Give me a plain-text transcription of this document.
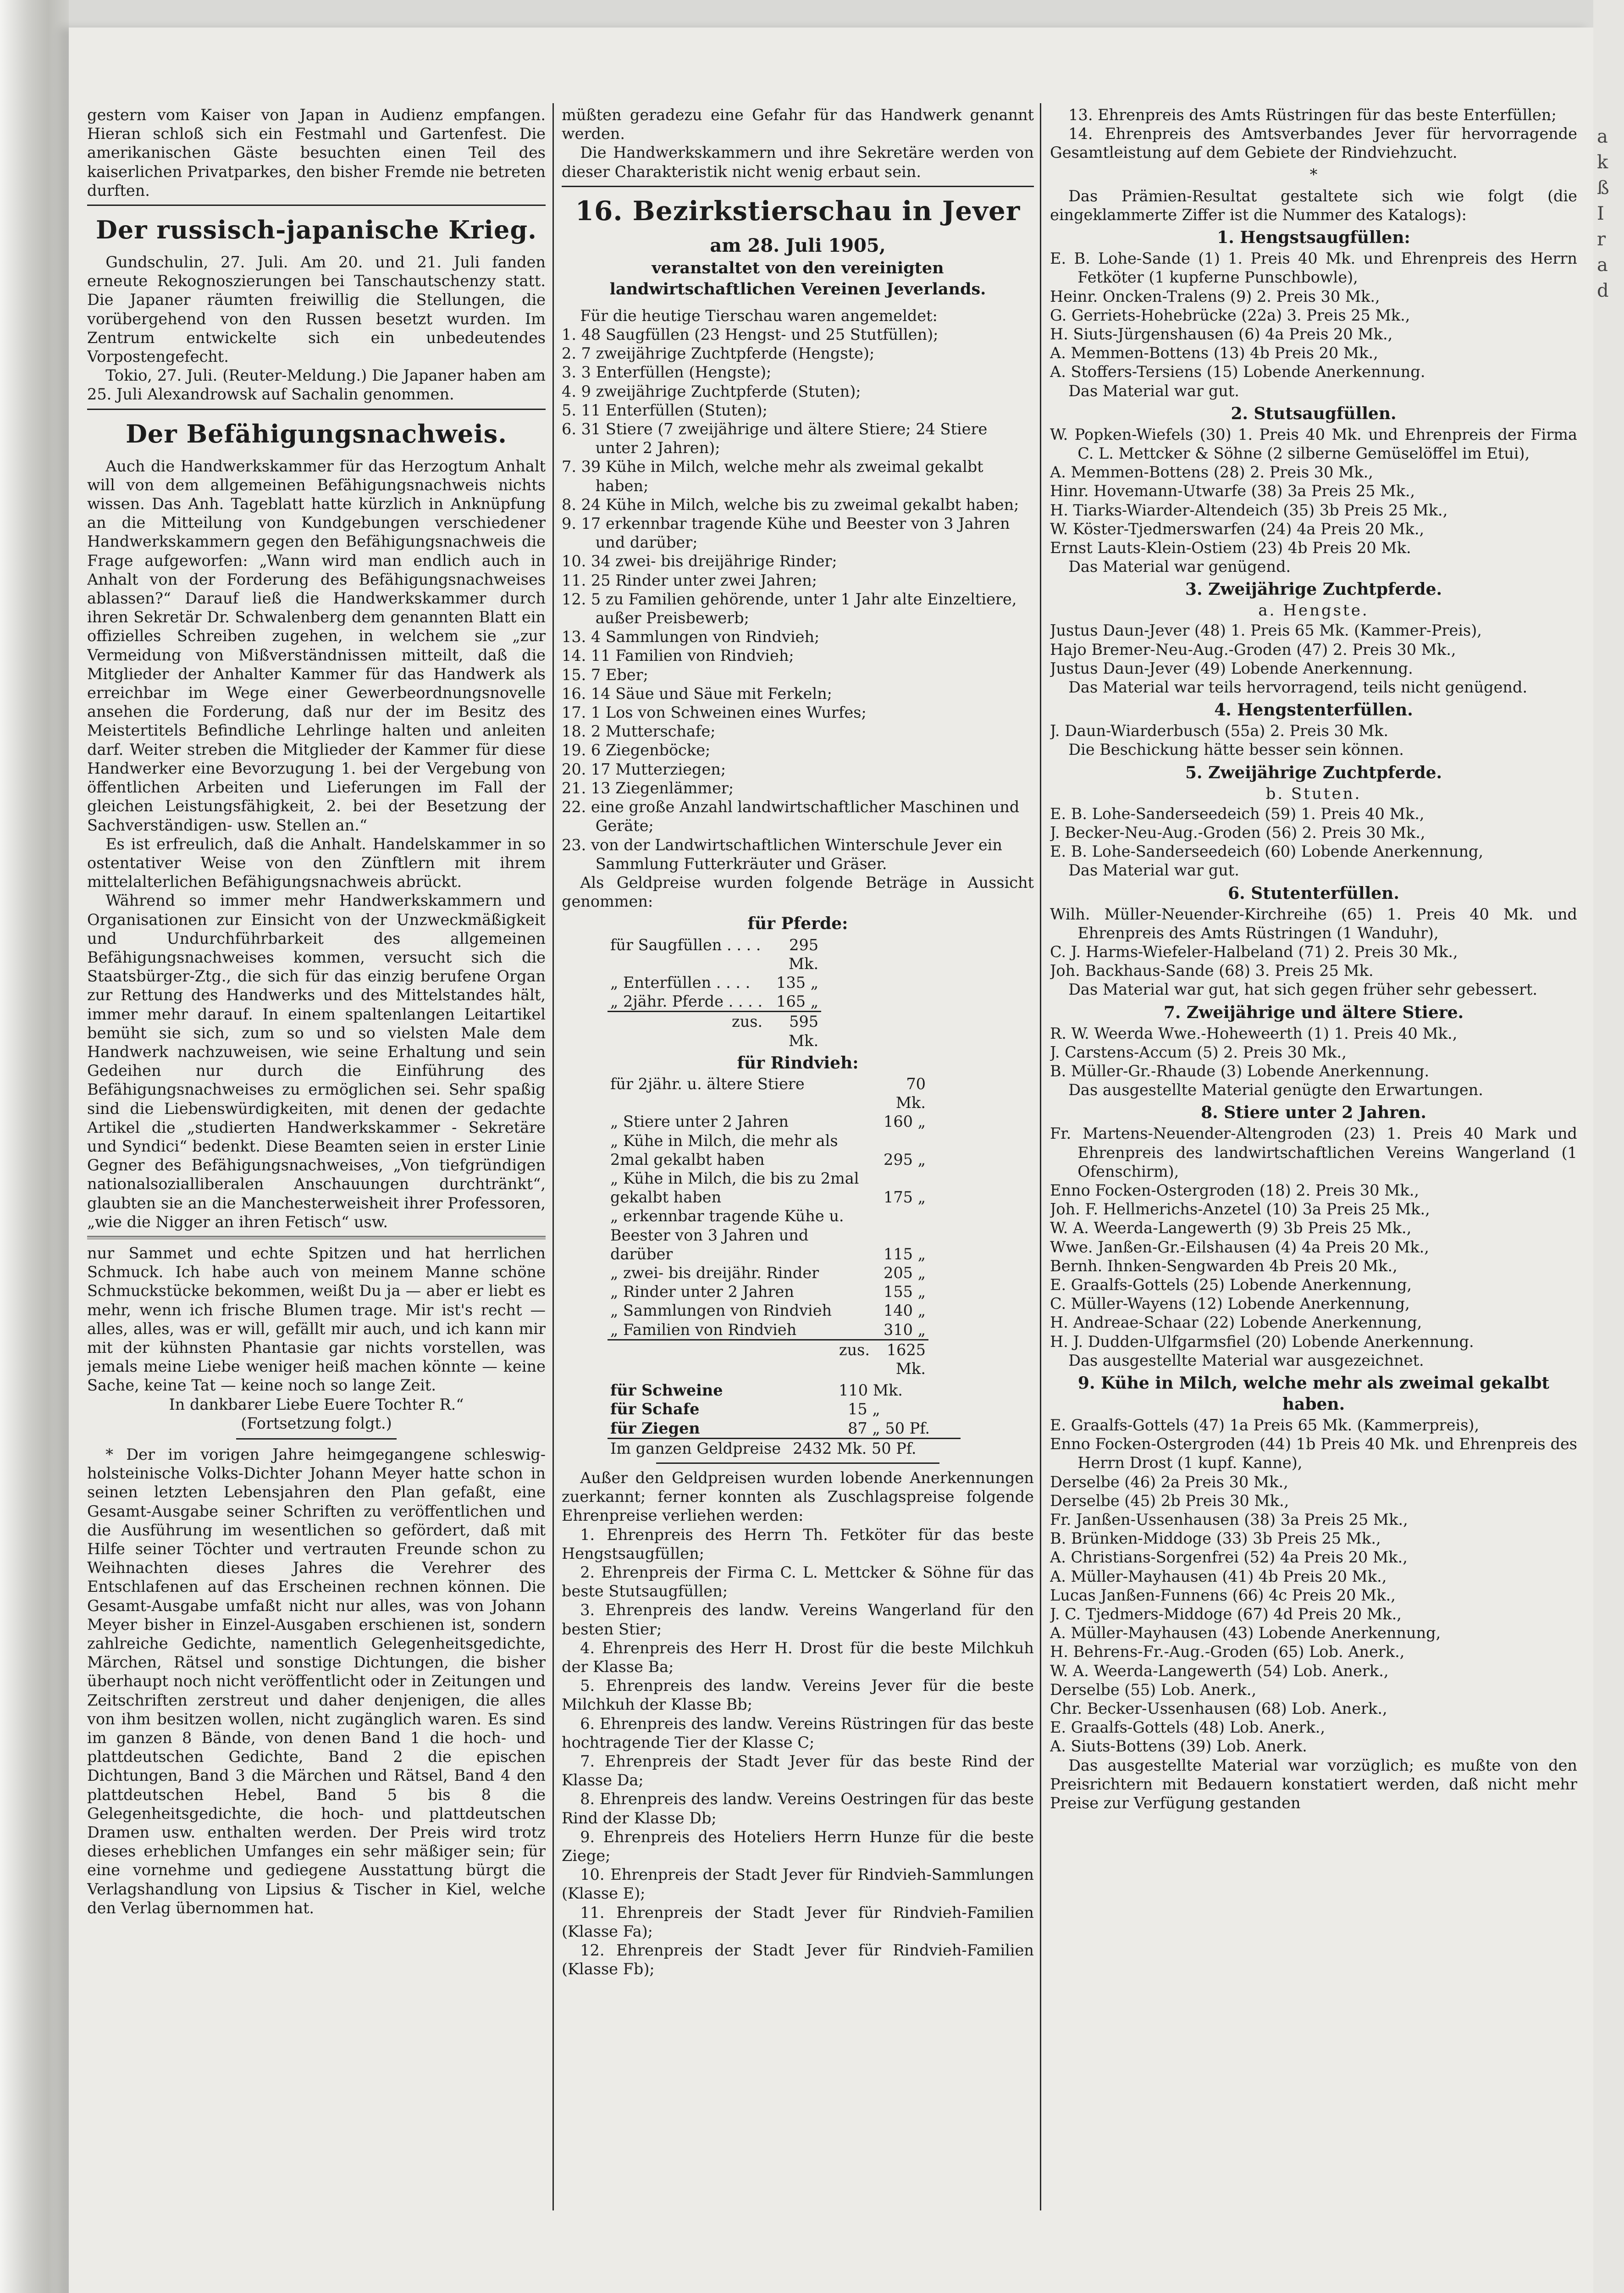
a k ß Ir a d

gestern vom Kaiser von Japan in Audienz empfangen. Hieran schloß sich ein Festmahl und Gartenfest. Die amerikanischen Gäste besuchten einen Teil des kaiserlichen Privatparkes, den bisher Fremde nie betreten durften.

Der russisch-japanische Krieg.

Gundschulin, 27. Juli. Am 20. und 21. Juli fanden erneute Rekognoszierungen bei Tanschautschenzy statt. Die Japaner räumten freiwillig die Stellungen, die vorübergehend von den Russen besetzt wurden. Im Zentrum entwickelte sich ein unbedeutendes Vorpostengefecht.

Tokio, 27. Juli. (Reuter-Meldung.) Die Japaner haben am 25. Juli Alexandrowsk auf Sachalin genommen.

Der Befähigungsnachweis.

Auch die Handwerkskammer für das Herzogtum Anhalt will von dem allgemeinen Befähigungsnachweis nichts wissen. Das Anh. Tageblatt hatte kürzlich in Anknüpfung an die Mitteilung von Kundgebungen verschiedener Handwerkskammern gegen den Befähigungsnachweis die Frage aufgeworfen: „Wann wird man endlich auch in Anhalt von der Forderung des Befähigungsnachweises ablassen?“ Darauf ließ die Handwerkskammer durch ihren Sekretär Dr. Schwalenberg dem genannten Blatt ein offizielles Schreiben zugehen, in welchem sie „zur Vermeidung von Mißverständnissen mitteilt, daß die Mitglieder der Anhalter Kammer für das Handwerk als erreichbar im Wege einer Gewerbeordnungsnovelle ansehen die Forderung, daß nur der im Besitz des Meistertitels Befindliche Lehrlinge halten und anleiten darf. Weiter streben die Mitglieder der Kammer für diese Handwerker eine Bevorzugung 1. bei der Vergebung von öffentlichen Arbeiten und Lieferungen im Fall der gleichen Leistungsfähigkeit, 2. bei der Besetzung der Sachverständigen- usw. Stellen an.“

Es ist erfreulich, daß die Anhalt. Handelskammer in so ostentativer Weise von den Zünftlern mit ihrem mittelalterlichen Befähigungsnachweis abrückt.

Während so immer mehr Handwerkskammern und Organisationen zur Einsicht von der Unzweckmäßigkeit und Undurchführbarkeit des allgemeinen Befähigungsnachweises kommen, versucht sich die Staatsbürger-Ztg., die sich für das einzig berufene Organ zur Rettung des Handwerks und des Mittelstandes hält, immer mehr darauf. In einem spaltenlangen Leitartikel bemüht sie sich, zum so und so vielsten Male dem Handwerk nachzuweisen, wie seine Erhaltung und sein Gedeihen nur durch die Einführung des Befähigungsnachweises zu ermöglichen sei. Sehr spaßig sind die Liebenswürdigkeiten, mit denen der gedachte Artikel die „studierten Handwerkskammer - Sekretäre und Syndici“ bedenkt. Diese Beamten seien in erster Linie Gegner des Befähigungsnachweises, „Von tiefgründigen nationalsozialliberalen Anschauungen durchtränkt“, glaubten sie an die Manchesterweisheit ihrer Professoren, „wie die Nigger an ihren Fetisch“ usw.

nur Sammet und echte Spitzen und hat herrlichen Schmuck. Ich habe auch von meinem Manne schöne Schmuckstücke bekommen, weißt Du ja — aber er liebt es mehr, wenn ich frische Blumen trage. Mir ist's recht — alles, alles, was er will, gefällt mir auch, und ich kann mir mit der kühnsten Phantasie gar nichts vorstellen, was jemals meine Liebe weniger heiß machen könnte — keine Sache, keine Tat — keine noch so lange Zeit.

In dankbarer Liebe Euere Tochter R.“

(Fortsetzung folgt.)

* Der im vorigen Jahre heimgegangene schleswig-holsteinische Volks-Dichter Johann Meyer hatte schon in seinen letzten Lebensjahren den Plan gefaßt, eine Gesamt-Ausgabe seiner Schriften zu veröffentlichen und die Ausführung im wesentlichen so gefördert, daß mit Hilfe seiner Töchter und vertrauten Freunde schon zu Weihnachten dieses Jahres die Verehrer des Entschlafenen auf das Erscheinen rechnen können. Die Gesamt-Ausgabe umfaßt nicht nur alles, was von Johann Meyer bisher in Einzel-Ausgaben erschienen ist, sondern zahlreiche Gedichte, namentlich Gelegenheitsgedichte, Märchen, Rätsel und sonstige Dichtungen, die bisher überhaupt noch nicht veröffentlicht oder in Zeitungen und Zeitschriften zerstreut und daher denjenigen, die alles von ihm besitzen wollen, nicht zugänglich waren. Es sind im ganzen 8 Bände, von denen Band 1 die hoch- und plattdeutschen Gedichte, Band 2 die epischen Dichtungen, Band 3 die Märchen und Rätsel, Band 4 den plattdeutschen Hebel, Band 5 bis 8 die Gelegenheitsgedichte, die hoch- und plattdeutschen Dramen usw. enthalten werden. Der Preis wird trotz dieses erheblichen Umfanges ein sehr mäßiger sein; für eine vornehme und gediegene Ausstattung bürgt die Verlagshandlung von Lipsius & Tischer in Kiel, welche den Verlag übernommen hat.

müßten geradezu eine Gefahr für das Handwerk genannt werden.

Die Handwerkskammern und ihre Sekretäre werden von dieser Charakteristik nicht wenig erbaut sein.

16. Bezirkstierschau in Jever
am 28. Juli 1905,
veranstaltet von den vereinigten landwirtschaftlichen Vereinen Jeverlands.

Für die heutige Tierschau waren angemeldet:

1. 48 Saugfüllen (23 Hengst- und 25 Stutfüllen);
2. 7 zweijährige Zuchtpferde (Hengste);
3. 3 Enterfüllen (Hengste);
4. 9 zweijährige Zuchtpferde (Stuten);
5. 11 Enterfüllen (Stuten);
6. 31 Stiere (7 zweijährige und ältere Stiere; 24 Stiere unter 2 Jahren);
7. 39 Kühe in Milch, welche mehr als zweimal gekalbt haben;
8. 24 Kühe in Milch, welche bis zu zweimal gekalbt haben;
9. 17 erkennbar tragende Kühe und Beester von 3 Jahren und darüber;
10. 34 zwei- bis dreijährige Rinder;
11. 25 Rinder unter zwei Jahren;
12. 5 zu Familien gehörende, unter 1 Jahr alte Einzeltiere, außer Preisbewerb;
13. 4 Sammlungen von Rindvieh;
14. 11 Familien von Rindvieh;
15. 7 Eber;
16. 14 Säue und Säue mit Ferkeln;
17. 1 Los von Schweinen eines Wurfes;
18. 2 Mutterschafe;
19. 6 Ziegenböcke;
20. 17 Mutterziegen;
21. 13 Ziegenlämmer;
22. eine große Anzahl landwirtschaftlicher Maschinen und Geräte;
23. von der Landwirtschaftlichen Winterschule Jever ein Sammlung Futterkräuter und Gräser.

Als Geldpreise wurden folgende Beträge in Aussicht genommen:

für Pferde:
für Saugfüllen . . . .	295 Mk.
„ Enterfüllen . . . .	135 „
„ 2jähr. Pferde . . . .	165 „
zus.	595 Mk.
für Rindvieh:
für 2jähr. u. ältere Stiere	70 Mk.
„ Stiere unter 2 Jahren	160 „
„ Kühe in Milch, die mehr als 2mal gekalbt haben	295 „
„ Kühe in Milch, die bis zu 2mal gekalbt haben	175 „
„ erkennbar tragende Kühe u. Beester von 3 Jahren und darüber	115 „
„ zwei- bis dreijähr. Rinder	205 „
„ Rinder unter 2 Jahren	155 „
„ Sammlungen von Rindvieh	140 „
„ Familien von Rindvieh	310 „
zus.	1625 Mk.
für Schweine	110 Mk.
für Schafe	15 „
für Ziegen	87 „ 50 Pf.
Im ganzen Geldpreise	2432 Mk. 50 Pf.

Außer den Geldpreisen wurden lobende Anerkennungen zuerkannt; ferner konnten als Zuschlagspreise folgende Ehrenpreise verliehen werden:

1. Ehrenpreis des Herrn Th. Fetköter für das beste Hengstsaugfüllen;

2. Ehrenpreis der Firma C. L. Mettcker & Söhne für das beste Stutsaugfüllen;

3. Ehrenpreis des landw. Vereins Wangerland für den besten Stier;

4. Ehrenpreis des Herr H. Drost für die beste Milchkuh der Klasse Ba;

5. Ehrenpreis des landw. Vereins Jever für die beste Milchkuh der Klasse Bb;

6. Ehrenpreis des landw. Vereins Rüstringen für das beste hochtragende Tier der Klasse C;

7. Ehrenpreis der Stadt Jever für das beste Rind der Klasse Da;

8. Ehrenpreis des landw. Vereins Oestringen für das beste Rind der Klasse Db;

9. Ehrenpreis des Hoteliers Herrn Hunze für die beste Ziege;

10. Ehrenpreis der Stadt Jever für Rindvieh-Sammlungen (Klasse E);

11. Ehrenpreis der Stadt Jever für Rindvieh-Familien (Klasse Fa);

12. Ehrenpreis der Stadt Jever für Rindvieh-Familien (Klasse Fb);

13. Ehrenpreis des Amts Rüstringen für das beste Enterfüllen;

14. Ehrenpreis des Amtsverbandes Jever für hervorragende Gesamtleistung auf dem Gebiete der Rindviehzucht.

*

Das Prämien-Resultat gestaltete sich wie folgt (die eingeklammerte Ziffer ist die Nummer des Katalogs):

1. Hengstsaugfüllen:

E. B. Lohe-Sande (1) 1. Preis 40 Mk. und Ehrenpreis des Herrn Fetköter (1 kupferne Punschbowle),

Heinr. Oncken-Tralens (9) 2. Preis 30 Mk.,

G. Gerriets-Hohebrücke (22a) 3. Preis 25 Mk.,

H. Siuts-Jürgenshausen (6) 4a Preis 20 Mk.,

A. Memmen-Bottens (13) 4b Preis 20 Mk.,

A. Stoffers-Tersiens (15) Lobende Anerkennung.

Das Material war gut.

2. Stutsaugfüllen.

W. Popken-Wiefels (30) 1. Preis 40 Mk. und Ehrenpreis der Firma C. L. Mettcker & Söhne (2 silberne Gemüselöffel im Etui),

A. Memmen-Bottens (28) 2. Preis 30 Mk.,

Hinr. Hovemann-Utwarfe (38) 3a Preis 25 Mk.,

H. Tiarks-Wiarder-Altendeich (35) 3b Preis 25 Mk.,

W. Köster-Tjedmerswarfen (24) 4a Preis 20 Mk.,

Ernst Lauts-Klein-Ostiem (23) 4b Preis 20 Mk.

Das Material war genügend.

3. Zweijährige Zuchtpferde.
a. Hengste.

Justus Daun-Jever (48) 1. Preis 65 Mk. (Kammer-Preis),

Hajo Bremer-Neu-Aug.-Groden (47) 2. Preis 30 Mk.,

Justus Daun-Jever (49) Lobende Anerkennung.

Das Material war teils hervorragend, teils nicht genügend.

4. Hengstenterfüllen.

J. Daun-Wiarderbusch (55a) 2. Preis 30 Mk.

Die Beschickung hätte besser sein können.

5. Zweijährige Zuchtpferde.
b. Stuten.

E. B. Lohe-Sanderseedeich (59) 1. Preis 40 Mk.,

J. Becker-Neu-Aug.-Groden (56) 2. Preis 30 Mk.,

E. B. Lohe-Sanderseedeich (60) Lobende Anerkennung,

Das Material war gut.

6. Stutenterfüllen.

Wilh. Müller-Neuender-Kirchreihe (65) 1. Preis 40 Mk. und Ehrenpreis des Amts Rüstringen (1 Wanduhr),

C. J. Harms-Wiefeler-Halbeland (71) 2. Preis 30 Mk.,

Joh. Backhaus-Sande (68) 3. Preis 25 Mk.

Das Material war gut, hat sich gegen früher sehr gebessert.

7. Zweijährige und ältere Stiere.

R. W. Weerda Wwe.-Hoheweerth (1) 1. Preis 40 Mk.,

J. Carstens-Accum (5) 2. Preis 30 Mk.,

B. Müller-Gr.-Rhaude (3) Lobende Anerkennung.

Das ausgestellte Material genügte den Erwartungen.

8. Stiere unter 2 Jahren.

Fr. Martens-Neuender-Altengroden (23) 1. Preis 40 Mark und Ehrenpreis des landwirtschaftlichen Vereins Wangerland (1 Ofenschirm),

Enno Focken-Ostergroden (18) 2. Preis 30 Mk.,

Joh. F. Hellmerichs-Anzetel (10) 3a Preis 25 Mk.,

W. A. Weerda-Langewerth (9) 3b Preis 25 Mk.,

Wwe. Janßen-Gr.-Eilshausen (4) 4a Preis 20 Mk.,

Bernh. Ihnken-Sengwarden 4b Preis 20 Mk.,

E. Graalfs-Gottels (25) Lobende Anerkennung,

C. Müller-Wayens (12) Lobende Anerkennung,

H. Andreae-Schaar (22) Lobende Anerkennung,

H. J. Dudden-Ulfgarmsfiel (20) Lobende Anerkennung.

Das ausgestellte Material war ausgezeichnet.

9. Kühe in Milch, welche mehr als zweimal gekalbt haben.

E. Graalfs-Gottels (47) 1a Preis 65 Mk. (Kammerpreis),

Enno Focken-Ostergroden (44) 1b Preis 40 Mk. und Ehrenpreis des Herrn Drost (1 kupf. Kanne),

Derselbe (46) 2a Preis 30 Mk.,

Derselbe (45) 2b Preis 30 Mk.,

Fr. Janßen-Ussenhausen (38) 3a Preis 25 Mk.,

B. Brünken-Middoge (33) 3b Preis 25 Mk.,

A. Christians-Sorgenfrei (52) 4a Preis 20 Mk.,

A. Müller-Mayhausen (41) 4b Preis 20 Mk.,

Lucas Janßen-Funnens (66) 4c Preis 20 Mk.,

J. C. Tjedmers-Middoge (67) 4d Preis 20 Mk.,

A. Müller-Mayhausen (43) Lobende Anerkennung,

H. Behrens-Fr.-Aug.-Groden (65) Lob. Anerk.,

W. A. Weerda-Langewerth (54) Lob. Anerk.,

Derselbe (55) Lob. Anerk.,

Chr. Becker-Ussenhausen (68) Lob. Anerk.,

E. Graalfs-Gottels (48) Lob. Anerk.,

A. Siuts-Bottens (39) Lob. Anerk.

Das ausgestellte Material war vorzüglich; es mußte von den Preisrichtern mit Bedauern konstatiert werden, daß nicht mehr Preise zur Verfügung gestanden
